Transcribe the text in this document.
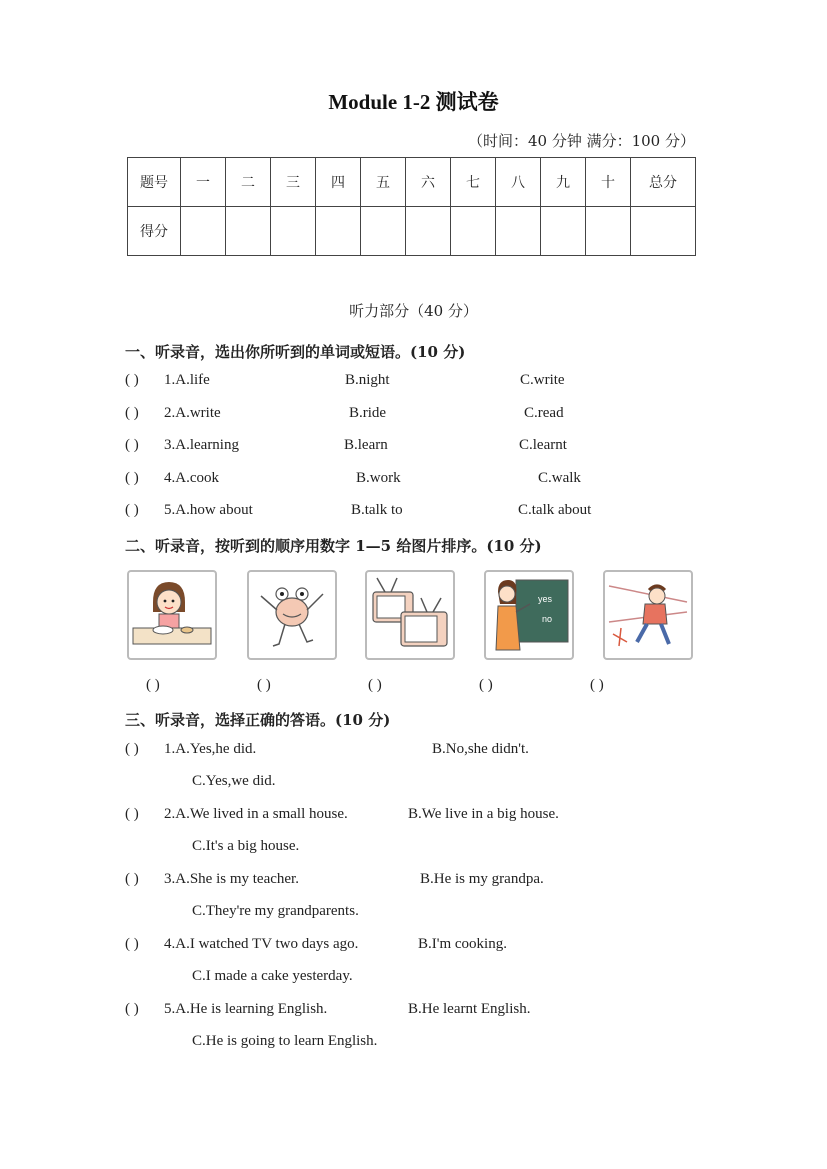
Module 1-2 测试卷
（时间：40 分钟 满分：100 分）
题号	一	二	三	四	五	六	七	八	九	十	总分
得分											
听力部分（40 分）
一、听录音，选出你所听到的单词或短语。(10 分)
( ) 1.A.life	B.night	C.write
( ) 2.A.write	B.ride	C.read
( ) 3.A.learning	B.learn	C.learnt
( ) 4.A.cook	B.work	C.walk
( ) 5.A.how about	B.talk to	C.talk about
二、听录音，按听到的顺序用数字 1—5 给图片排序。(10 分)
yes
no
( )	( )	( )	( )	( )
三、听录音，选择正确的答语。(10 分)
( ) 1.A.Yes,he did.	B.No,she didn't.
C.Yes,we did.
( ) 2.A.We lived in a small house.	B.We live in a big house.
C.It's a big house.
( ) 3.A.She is my teacher.	B.He is my grandpa.
C.They're my grandparents.
( ) 4.A.I watched TV two days ago.	B.I'm cooking.
C.I made a cake yesterday.
( ) 5.A.He is learning English.	B.He learnt English.
C.He is going to learn English.
